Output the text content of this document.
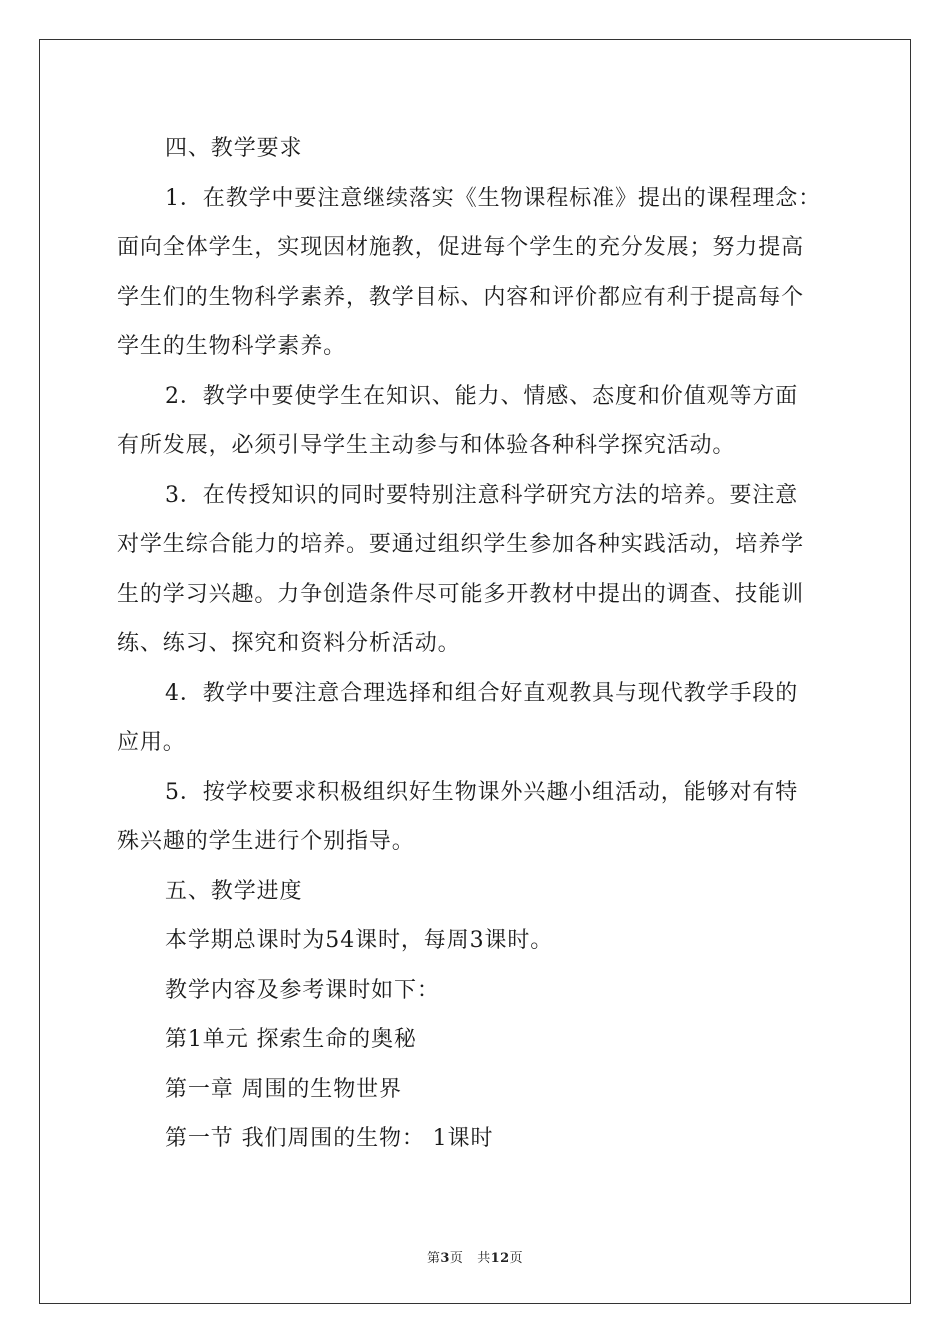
四、教学要求
1．在教学中要注意继续落实《生物课程标准》提出的课程理念：
面向全体学生，实现因材施教，促进每个学生的充分发展；努力提高
学生们的生物科学素养，教学目标、内容和评价都应有利于提高每个
学生的生物科学素养。
2．教学中要使学生在知识、能力、情感、态度和价值观等方面
有所发展，必须引导学生主动参与和体验各种科学探究活动。
3．在传授知识的同时要特别注意科学研究方法的培养。要注意
对学生综合能力的培养。要通过组织学生参加各种实践活动，培养学
生的学习兴趣。力争创造条件尽可能多开教材中提出的调查、技能训
练、练习、探究和资料分析活动。
4．教学中要注意合理选择和组合好直观教具与现代教学手段的
应用。
5．按学校要求积极组织好生物课外兴趣小组活动，能够对有特
殊兴趣的学生进行个别指导。
五、教学进度
本学期总课时为54课时，每周3课时。
教学内容及参考课时如下：
第1单元 探索生命的奥秘
第一章 周围的生物世界
第一节 我们周围的生物： 1课时
第3页 共12页
